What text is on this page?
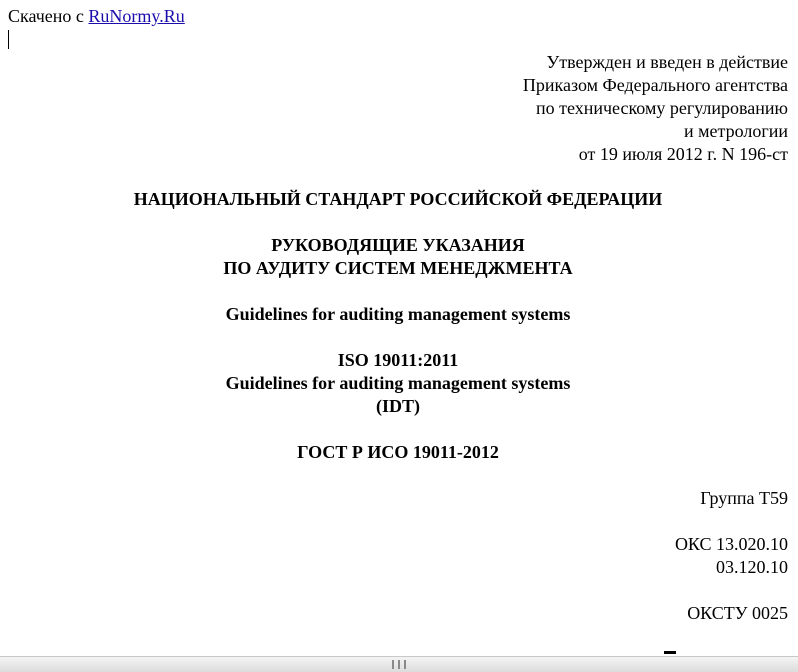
Скачено с RuNormy.Ru
Утвержден и введен в действие
Приказом Федерального агентства
по техническому регулированию
и метрологии
от 19 июля 2012 г. N 196-ст
НАЦИОНАЛЬНЫЙ СТАНДАРТ РОССИЙСКОЙ ФЕДЕРАЦИИ
РУКОВОДЯЩИЕ УКАЗАНИЯ
ПО АУДИТУ СИСТЕМ МЕНЕДЖМЕНТА
Guidelines for auditing management systems
ISO 19011:2011
Guidelines for auditing management systems
(IDT)
ГОСТ Р ИСО 19011-2012
Группа Т59
ОКС 13.020.10
03.120.10
ОКСТУ 0025
